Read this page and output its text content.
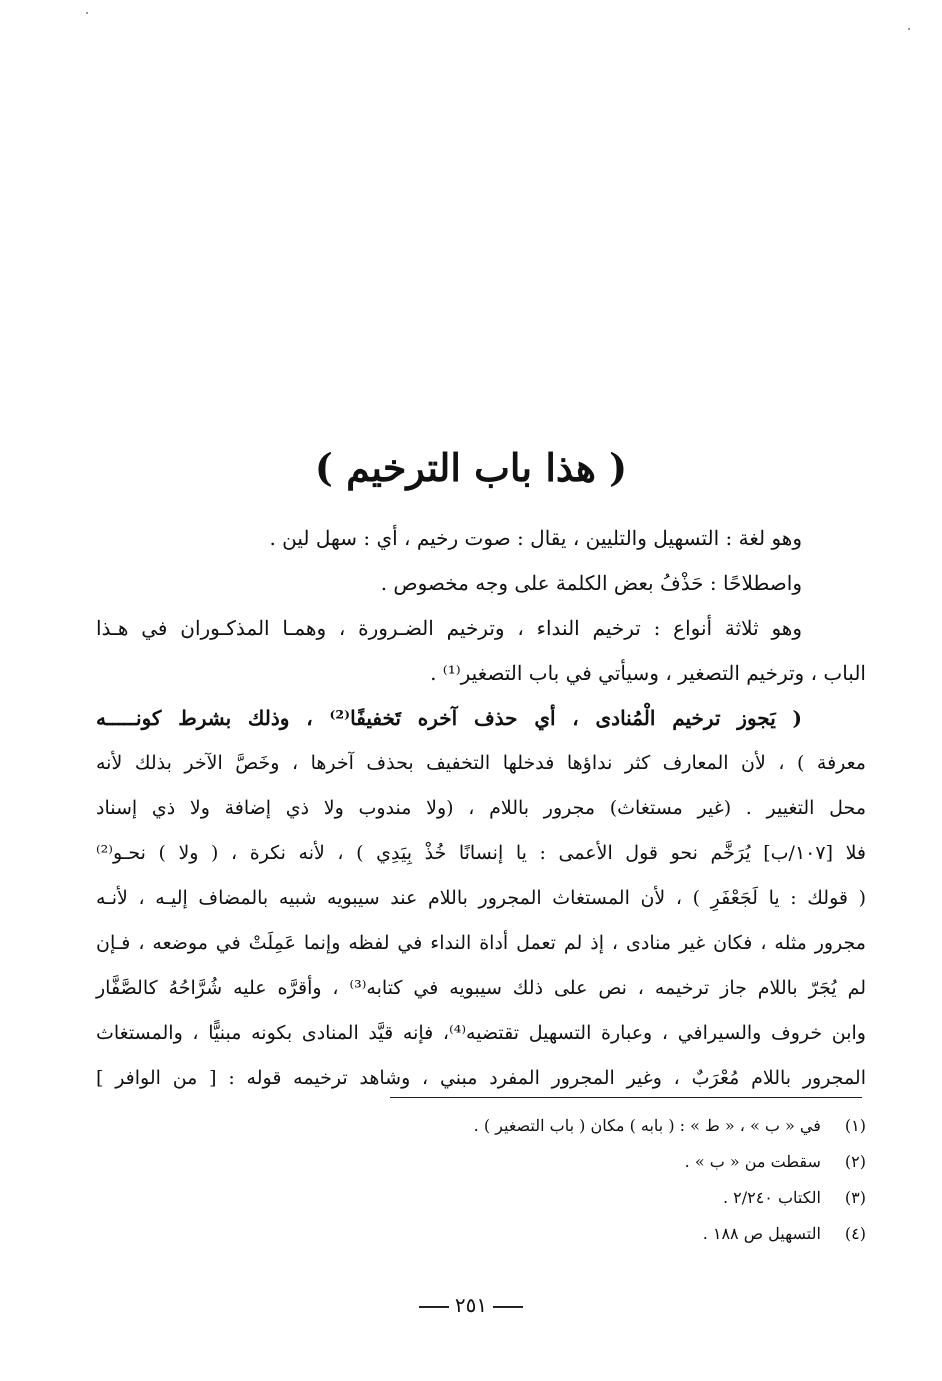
( هذا باب الترخيم )
وهو لغة : التسهيل والتليين ، يقال : صوت رخيم ، أي : سهل لين .
واصطلاحًا : حَذْفُ بعض الكلمة على وجه مخصوص .
وهو ثلاثة أنواع : ترخيم النداء ، وترخيم الضـرورة ، وهمـا المذكـوران في هـذا
الباب ، وترخيم التصغير ، وسيأتي في باب التصغير⁽¹⁾ .
( يَجوز ترخيم الْمُنادى ، أي حذف آخره تَخفيفًا⁽²⁾ ، وذلك بشرط كونـــــه
معرفة ) ، لأن المعارف كثر نداؤها فدخلها التخفيف بحذف آخرها ، وخَصَّ الآخر بذلك لأنه
محل التغيير . (غير مستغاث) مجرور باللام ، (ولا مندوب ولا ذي إضافة ولا ذي إسناد
فلا [١٠٧/ب] يُرَخَّم نحو قول الأعمى : يا إنسانًا خُذْ بِيَدِي ) ، لأنه نكرة ، ( ولا ) نحـو⁽²⁾
( قولك : يا لَجَعْفَرِ ) ، لأن المستغاث المجرور باللام عند سيبويه شبيه بالمضاف إليـه ، لأنـه
مجرور مثله ، فكان غير منادى ، إذ لم تعمل أداة النداء في لفظه وإنما عَمِلَتْ في موضعه ، فـإن
لم يُجَرّ باللام جاز ترخيمه ، نص على ذلك سيبويه في كتابه⁽³⁾ ، وأقرَّه عليه شُرَّاحُهُ كالصَّفَّار
وابن خروف والسيرافي ، وعبارة التسهيل تقتضيه⁽⁴⁾، فإنه قيَّد المنادى بكونه مبنيًّا ، والمستغاث
المجرور باللام مُعْرَبٌ ، وغير المجرور المفرد مبني ، وشاهد ترخيمه قوله : [ من الوافر ]
(١) في « ب » ، « ط » : ( بابه ) مكان ( باب التصغير ) .
(٢) سقطت من « ب » .
(٣) الكتاب ٢/٢٤٠ .
(٤) التسهيل ص ١٨٨ .
٢٥١
